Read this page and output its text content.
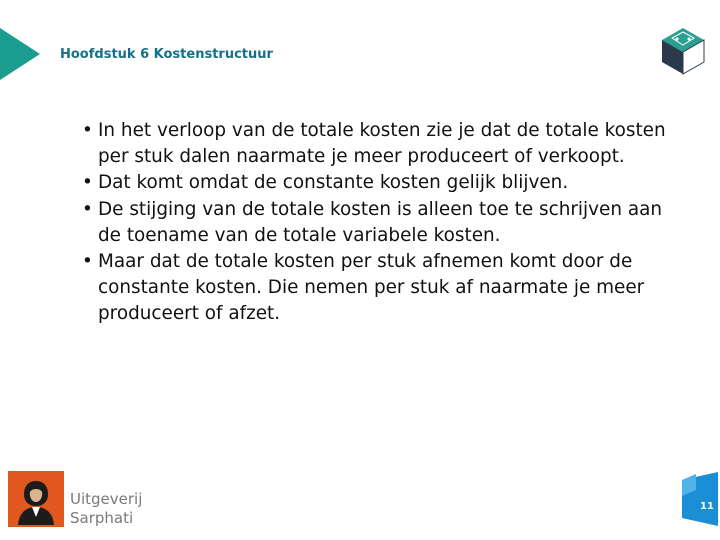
Hoofdstuk 6 Kostenstructuur
• In het verloop van de totale kosten zie je dat de totale kosten per stuk dalen naarmate je meer produceert of verkoopt.
• Dat komt omdat de constante kosten gelijk blijven.
• De stijging van de totale kosten is alleen toe te schrijven aan de toename van de totale variabele kosten.
• Maar dat de totale kosten per stuk afnemen komt door de constante kosten. Die nemen per stuk af naarmate je meer produceert of afzet.
Uitgeverij
Sarphati
11
